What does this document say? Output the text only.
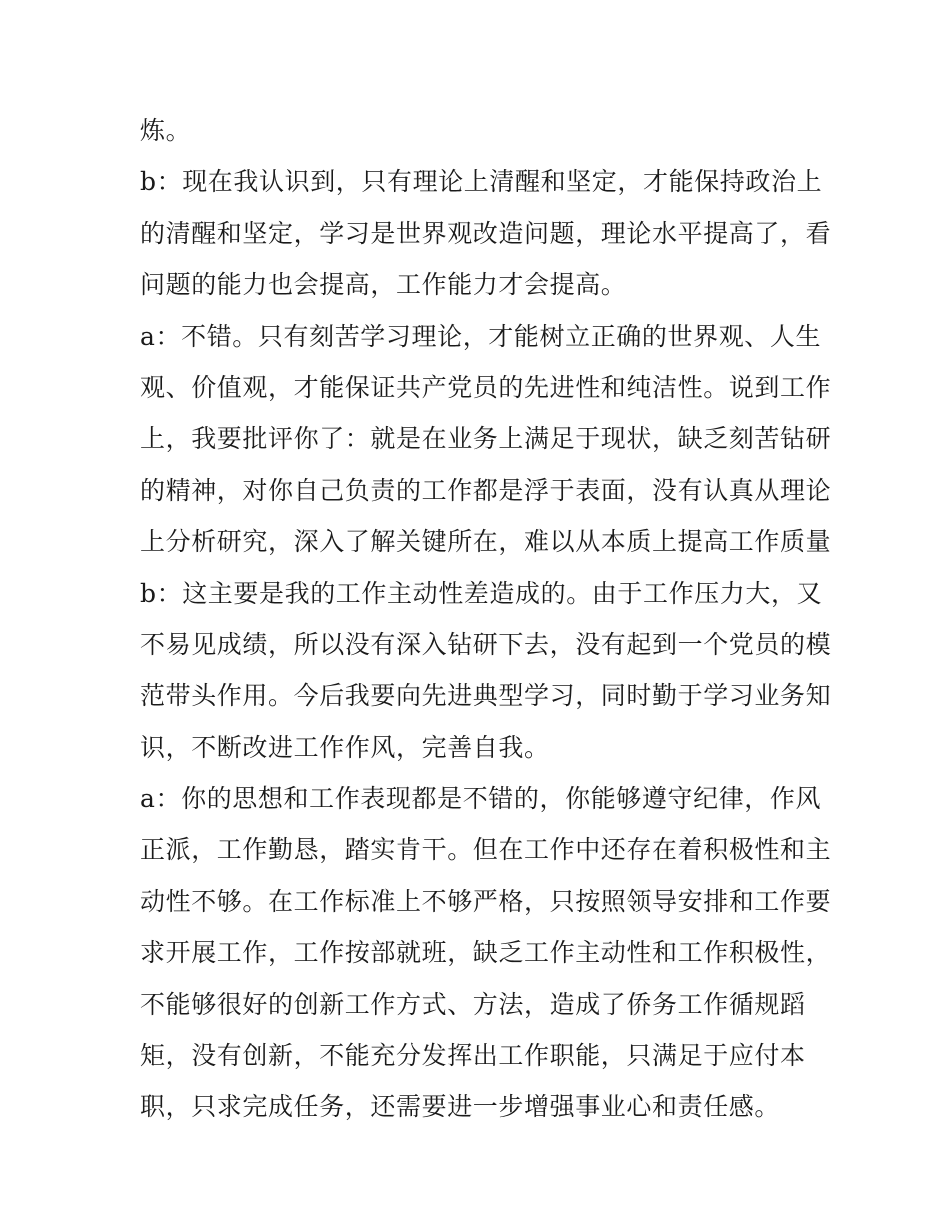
炼。
b：现在我认识到，只有理论上清醒和坚定，才能保持政治上
的清醒和坚定，学习是世界观改造问题，理论水平提高了，看
问题的能力也会提高，工作能力才会提高。
a：不错。只有刻苦学习理论，才能树立正确的世界观、人生
观、价值观，才能保证共产党员的先进性和纯洁性。说到工作
上，我要批评你了：就是在业务上满足于现状，缺乏刻苦钻研
的精神，对你自己负责的工作都是浮于表面，没有认真从理论
上分析研究，深入了解关键所在，难以从本质上提高工作质量
b：这主要是我的工作主动性差造成的。由于工作压力大，又
不易见成绩，所以没有深入钻研下去，没有起到一个党员的模
范带头作用。今后我要向先进典型学习，同时勤于学习业务知
识，不断改进工作作风，完善自我。
a：你的思想和工作表现都是不错的，你能够遵守纪律，作风
正派，工作勤恳，踏实肯干。但在工作中还存在着积极性和主
动性不够。在工作标准上不够严格，只按照领导安排和工作要
求开展工作，工作按部就班，缺乏工作主动性和工作积极性，
不能够很好的创新工作方式、方法，造成了侨务工作循规蹈
矩，没有创新，不能充分发挥出工作职能，只满足于应付本
职，只求完成任务，还需要进一步增强事业心和责任感。
